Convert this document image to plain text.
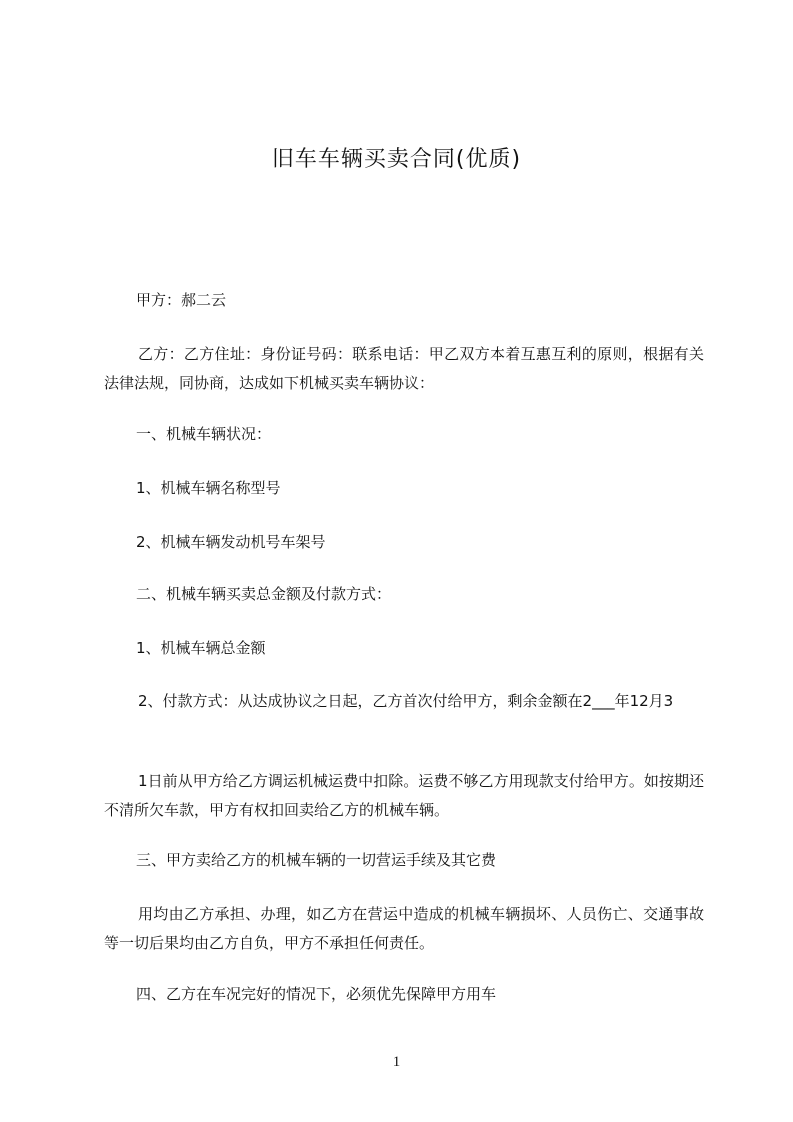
旧车车辆买卖合同(优质)
甲方：郝二云
乙方：乙方住址：身份证号码：联系电话：甲乙双方本着互惠互利的原则，根据有关法律法规，同协商，达成如下机械买卖车辆协议：
一、机械车辆状况：
1、机械车辆名称型号
2、机械车辆发动机号车架号
二、机械车辆买卖总金额及付款方式：
1、机械车辆总金额
2、付款方式：从达成协议之日起，乙方首次付给甲方，剩余金额在2___年12月3
1日前从甲方给乙方调运机械运费中扣除。运费不够乙方用现款支付给甲方。如按期还不清所欠车款，甲方有权扣回卖给乙方的机械车辆。
三、甲方卖给乙方的机械车辆的一切营运手续及其它费
用均由乙方承担、办理，如乙方在营运中造成的机械车辆损坏、人员伤亡、交通事故等一切后果均由乙方自负，甲方不承担任何责任。
四、乙方在车况完好的情况下，必须优先保障甲方用车
1
